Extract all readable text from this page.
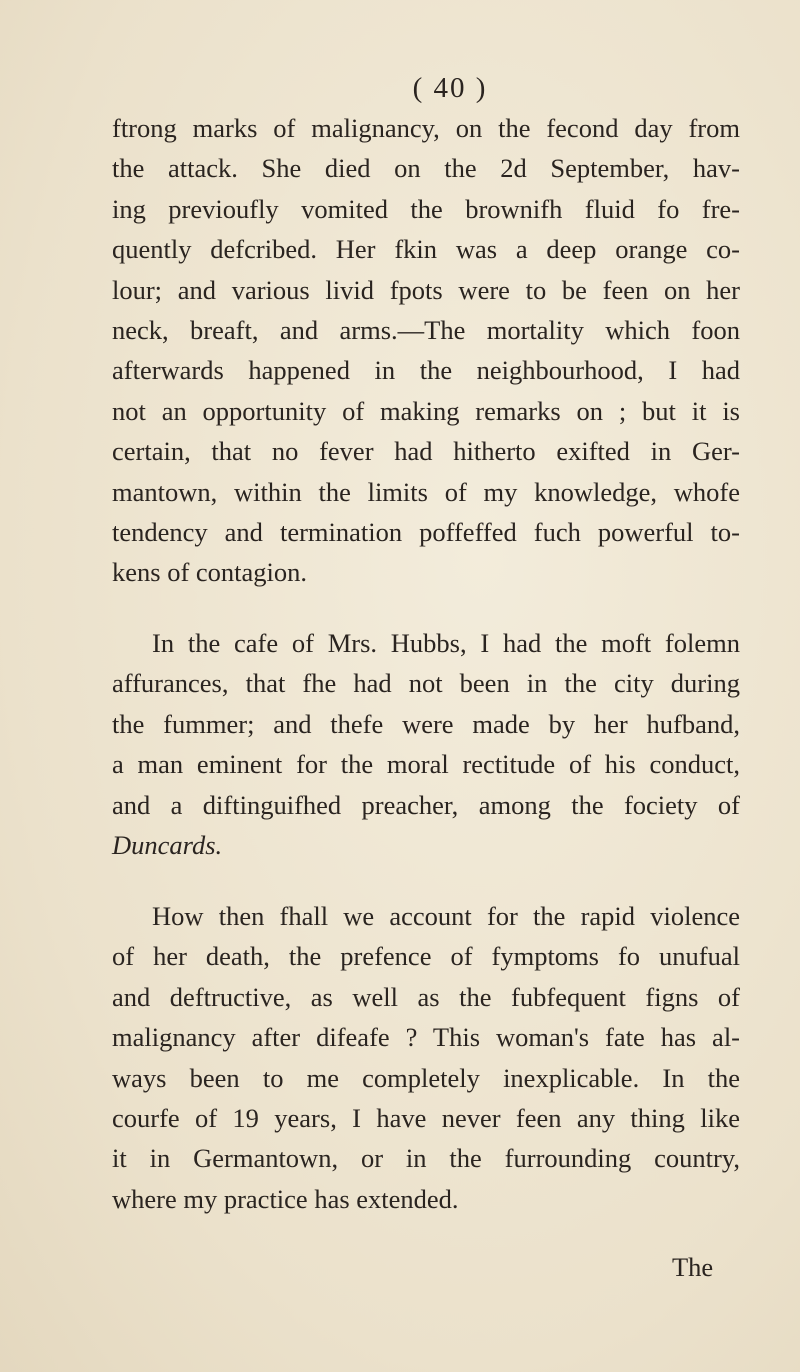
( 40 )
ftrong marks of malignancy, on the fecond day from
the attack. She died on the 2d September, hav-
ing previoufly vomited the brownifh fluid fo fre-
quently defcribed. Her fkin was a deep orange co-
lour; and various livid fpots were to be feen on her
neck, breaft, and arms.—The mortality which foon
afterwards happened in the neighbourhood, I had
not an opportunity of making remarks on ; but it is
certain, that no fever had hitherto exifted in Ger-
mantown, within the limits of my knowledge, whofe
tendency and termination poffeffed fuch powerful to-
kens of contagion.
In the cafe of Mrs. Hubbs, I had the moft folemn
affurances, that fhe had not been in the city during
the fummer; and thefe were made by her hufband,
a man eminent for the moral rectitude of his conduct,
and a diftinguifhed preacher, among the fociety of
Duncards.
How then fhall we account for the rapid violence
of her death, the prefence of fymptoms fo unufual
and deftructive, as well as the fubfequent figns of
malignancy after difeafe ? This woman's fate has al-
ways been to me completely inexplicable. In the
courfe of 19 years, I have never feen any thing like
it in Germantown, or in the furrounding country,
where my practice has extended.
The
